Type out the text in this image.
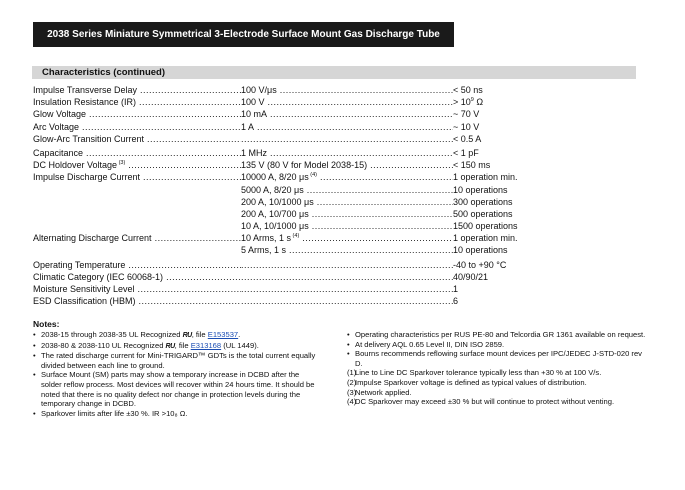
2038 Series Miniature Symmetrical 3-Electrode Surface Mount Gas Discharge Tube
Characteristics (continued)
Impulse Transverse Delay .....	100 V/μs .....	< 50 ns
Insulation Resistance (IR) .....	100 V .....	> $10^9$ Ω
Glow Voltage .....	10 mA .....	~ 70 V
Arc Voltage .....	1 A .....	~ 10 V
Glow-Arc Transition Current ..... .....	< 0.5 A
Capacitance .....	1 MHz .....	< 1 pF
DC Holdover Voltage $^{(3)}$ .....	135 V (80 V for Model 2038-15) .....	< 150 ms
Impulse Discharge Current .....	10000 A, 8/20 μs $^{(4)}$ .....	1 operation min.
5000 A, 8/20 μs .....	10 operations
200 A, 10/1000 μs .....	300 operations
200 A, 10/700 μs .....	500 operations
10 A, 10/1000 μs .....	1500 operations
Alternating Discharge Current .....	10 Arms, 1 s $^{(4)}$ .....	1 operation min.
5 Arms, 1 s .....	10 operations
Operating Temperature ..... .....	-40 to +90 °C
Climatic Category (IEC 60068-1) ..... .....	40/90/21
Moisture Sensitivity Level ..... .....	1
ESD Classification (HBM) ..... .....	6
Notes:
• 2038-15 through 2038-35 UL Recognized RU, file E153537.
• 2038-80 & 2038-110 UL Recognized RU, file E313168 (UL 1449).
• The rated discharge current for Mini-TRIGARD™ GDTs is the total current equally divided between each line to ground.
• Surface Mount (SM) parts may show a temporary increase in DCBD after the solder reflow process. Most devices will recover within 24 hours time. It should be noted that there is no quality defect nor change in protection levels during the temporary change in DCBD.
• Sparkover limits after life ±30 %. IR >10₈ Ω.
• Operating characteristics per RUS PE-80 and Telcordia GR 1361 available on request.
• At delivery AQL 0.65 Level II, DIN ISO 2859.
• Bourns recommends reflowing surface mount devices per IPC/JEDEC J-STD-020 rev D.
(1)
Line to Line DC Sparkover tolerance typically less than +30 % at 100 V/s.
(2)
Impulse Sparkover voltage is defined as typical values of distribution.
(3)
Network applied.
(4)
DC Sparkover may exceed ±30 % but will continue to protect without venting.
